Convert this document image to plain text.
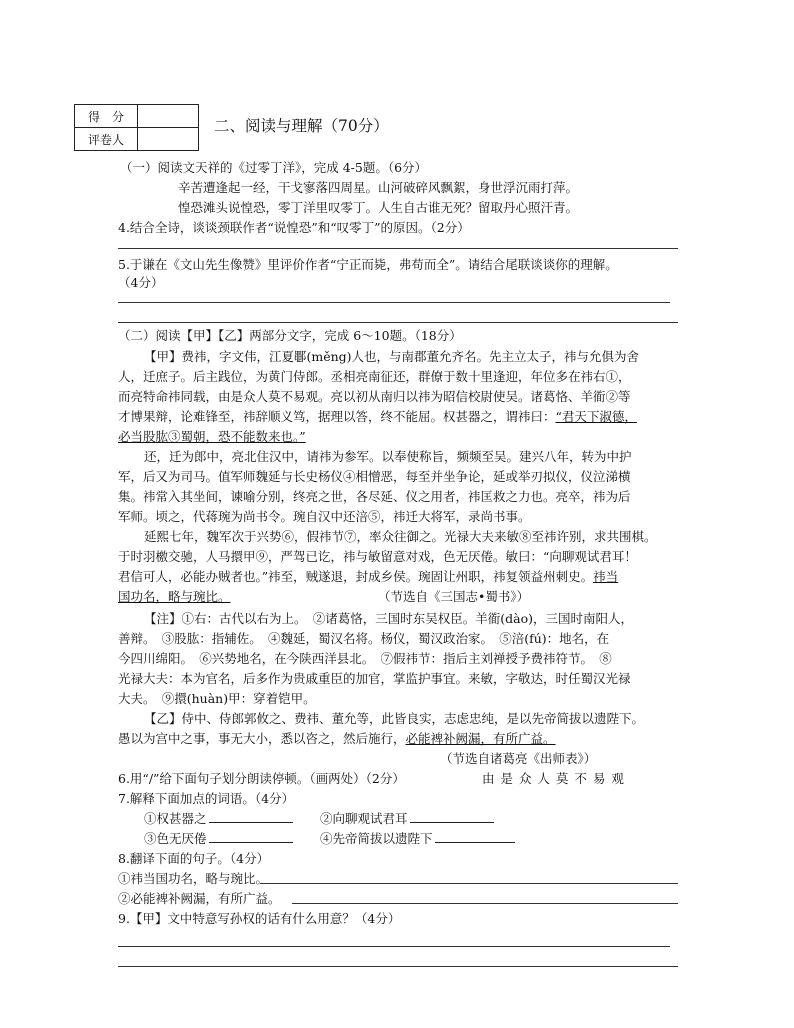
得　分	
评卷人	
二、阅读与理解（70分）
（一）阅读文天祥的《过零丁洋》，完成 4-5题。（6分）
辛苦遭逢起一经，干戈寥落四周星。山河破碎风飘絮，身世浮沉雨打萍。
惶恐滩头说惶恐，零丁洋里叹零丁。人生自古谁无死？留取丹心照汗青。
4.结合全诗，谈谈颈联作者“说惶恐”和“叹零丁”的原因。（2分）
5.于谦在《文山先生像赞》里评价作者“宁正而毙，弗苟而全”。请结合尾联谈谈你的理解。
（4分）
（二）阅读【甲】【乙】两部分文字，完成 6～10题。（18分）
【甲】费祎，字文伟，江夏鄳(měng)人也，与南郡董允齐名。先主立太子，祎与允俱为舍
人，迁庶子。后主践位，为黄门侍郎。丞相亮南征还，群僚于数十里逢迎，年位多在祎右①，
而亮特命祎同载，由是众人莫不易观。亮以初从南归以祎为昭信校尉使吴。诸葛恪、羊衜②等
才博果辩，论难锋至，祎辞顺义笃，据理以答，终不能屈。权甚器之，谓祎曰：“君天下淑德，
必当股肱③蜀朝，恐不能数来也。”
还，迁为郎中，亮北住汉中，请祎为参军。以奉使称旨，频频至吴。建兴八年，转为中护
军，后又为司马。值军师魏延与长史杨仪④相憎恶，每至并坐争论，延或举刃拟仪，仪泣涕横
集。祎常入其坐间，谏喻分别，终亮之世，各尽延、仪之用者，祎匡救之力也。亮卒，祎为后
军师。顷之，代蒋琬为尚书令。琬自汉中还涪⑤，祎迁大将军，录尚书事。
延熙七年，魏军次于兴势⑥，假祎节⑦，率众往御之。光禄大夫来敏⑧至祎许别，求共围棋。
于时羽檄交驰，人马擐甲⑨，严驾已讫，祎与敏留意对戏，色无厌倦。敏曰：“向聊观试君耳！
君信可人，必能办贼者也。”祎至，贼遂退，封成乡侯。琬固让州职，祎复领益州刺史。祎当
国功名，略与琬比。	（节选自《三国志•蜀书》）
【注】①右：古代以右为上。　②诸葛恪，三国时东吴权臣。羊衜(dào)，三国时南阳人，
善辩。　③股肱：指辅佐。　④魏延，蜀汉名将。杨仪，蜀汉政治家。　⑤涪(fú)：地名，在
今四川绵阳。　⑥兴势地名，在今陕西洋县北。　⑦假祎节：指后主刘禅授予费祎符节。　⑧
光禄大夫：本为官名，后多作为贵戚重臣的加官，掌监护事宜。来敏，字敬达，时任蜀汉光禄
大夫。　⑨擐(huàn)甲：穿着铠甲。
【乙】侍中、侍郎郭攸之、费祎、董允等，此皆良实，志虑忠纯，是以先帝简拔以遗陛下。
愚以为宫中之事，事无大小，悉以咨之，然后施行，必能裨补阙漏，有所广益。
（节选自诸葛亮《出师表》）
6.用“/”给下面句子划分朗读停顿。（画两处）（2分）	由 是 众 人 莫 不 易 观
7.解释下面加点的词语。（4分）
①权甚器之	②向聊观试君耳
③色无厌倦	④先帝简拔以遗陛下
8.翻译下面的句子。（4分）
①祎当国功名，略与琬比。
②必能裨补阙漏，有所广益。
9.【甲】文中特意写孙权的话有什么用意？（4分）
